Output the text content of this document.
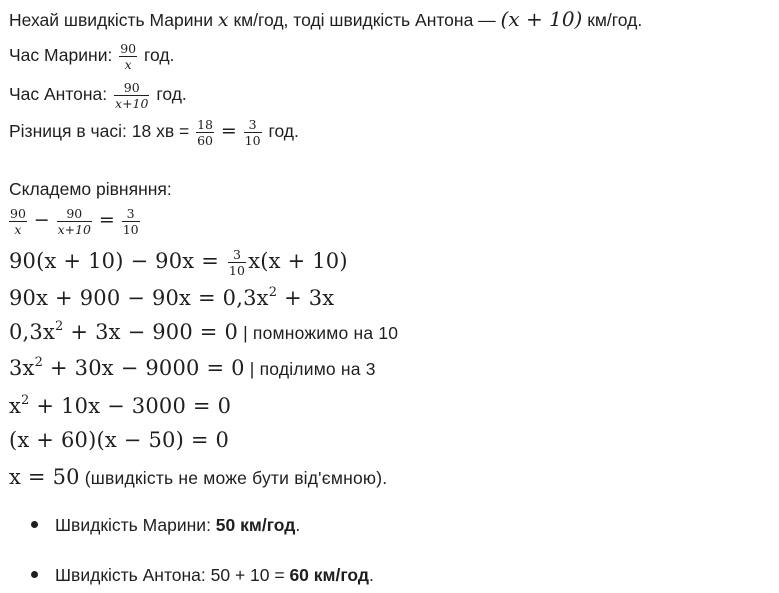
Нехай швидкість Марини x км/год, тоді швидкість Антона — (x + 10) км/год.
Час Марини: $\frac{90}{x}$ год.
Час Антона: $\frac{90}{x+10}$ год.
Різниця в часі: 18 хв = $\frac{18}{60} = \frac{3}{10}$ год.
Складемо рівняння:
$\frac{90}{x} - \frac{90}{x+10} = \frac{3}{10}$
$90(x + 10) - 90x = \frac{3}{10} x(x + 10)$
$90x + 900 - 90x = 0,3x^2 + 3x$
$0,3x^2 + 3x - 900 = 0$ | помножимо на 10
$3x^2 + 30x - 9000 = 0$ | поділимо на 3
$x^2 + 10x - 3000 = 0$
(x + 60)(x − 50) = 0
x = 50 (швидкість не може бути від'ємною).
Швидкість Марини: 50 км/год.
Швидкість Антона: 50 + 10 = 60 км/год.
